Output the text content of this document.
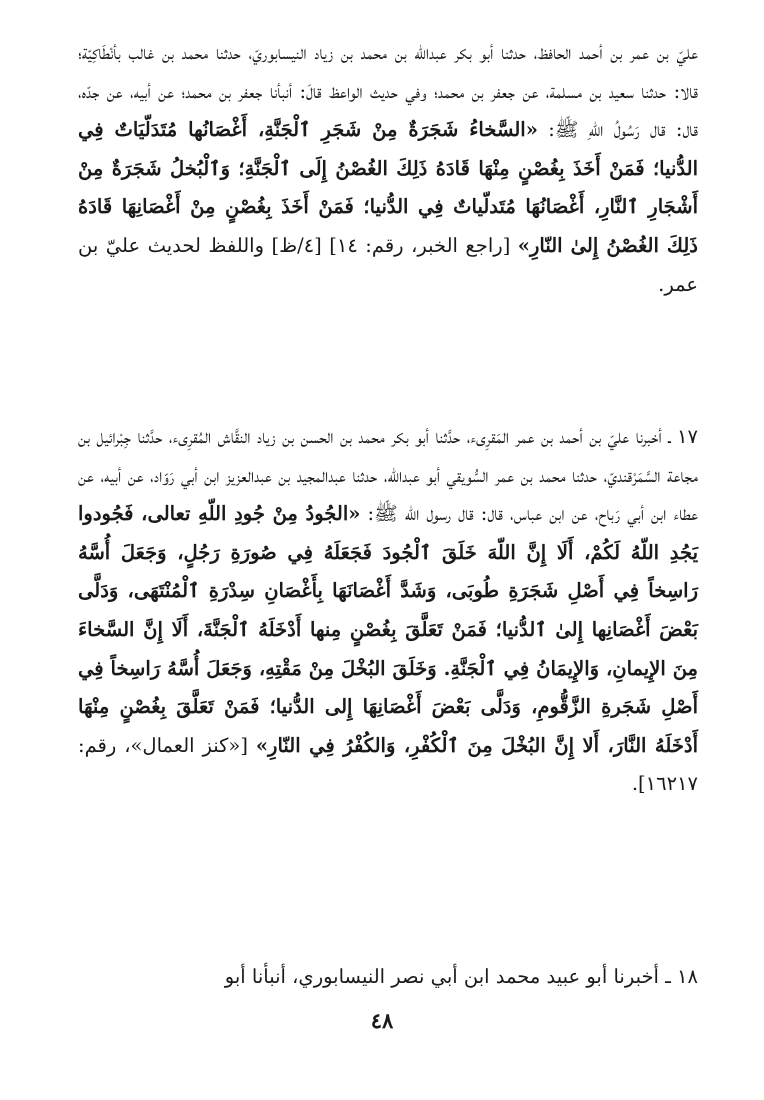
عليّ بن عمر بن أحمد الحافظ، حدثنا أبو بكر عبدالله بن محمد بن زياد النيسابوريّ، حدثنا محمد بن غالب بأنْطَاكِيّة؛ قالا: حدثنا سعيد بن مسلمة، عن جعفر بن محمد؛ وفي حديث الواعظ قالَ: أنبأنا جعفر بن محمد؛ عن أبيه، عن جدّه، قال: قال رَسُولُ اللّهِ ﷺ: «السَّخاءُ شَجَرَةٌ مِنْ شَجَرِ ٱلْجَنَّةِ، أَغْصَانُها مُتَدَلّيَاتٌ فِي الدُّنيا؛ فَمَنْ أَخَذَ بِغُصْنٍ مِنْهَا قَادَهُ ذَلِكَ الغُصْنُ إِلَى ٱلْجَنَّةِ؛ وَٱلْبُخلُ شَجَرَةٌ مِنْ أَشْجَارِ ٱلنَّارِ، أَغْصَانُهَا مُتَدلّياتٌ فِي الدُّنيا؛ فَمَنْ أَخَذَ بِغُصْنٍ مِنْ أَغْصَانِهَا قَادَهُ ذَلِكَ الغُصْنُ إِلىٰ النّارِ» [راجع الخبر، رقم: ١٤] [٤/ظ] واللفظ لحديث عليّ بن عمر.

١٧ ـ أخبرنا عليّ بن أحمد بن عمر المَقرِىء، حدَّثنا أبو بكر محمد بن الحسن بن زياد النقَّاش المُقرِىء، حدَّثنا جِبْرائيل بن مجاعة السَّمَرْقنديّ، حدثنا محمد بن عمر السُّويقي أبو عبدالله، حدثنا عبدالمجيد بن عبدالعزيز ابن أبي رَوّاد، عن أبيه، عن عطاء ابن أبي رَباح، عن ابن عباس، قال: قال رسول الله ﷺ: «الجُودُ مِنْ جُودِ اللّهِ تعالى، فَجُودوا يَجُدِ اللّهُ لَكُمْ، أَلَا إِنَّ اللّهَ خَلَقَ ٱلْجُودَ فَجَعَلَهُ فِي صُورَةِ رَجُلٍ، وَجَعَلَ أُسَّهُ رَاسِخاً فِي أَصْلِ شَجَرَةِ طُوبَى، وَشَدَّ أَغْصَانَهَا بِأَغْصَانِ سِدْرَةِ ٱلْمُنْتَهَى، وَدَلَّى بَعْضَ أَغْصَانِها إِلىٰ ٱلدُّنيا؛ فَمَنْ تَعَلَّقَ بِغُصْنٍ مِنها أَدْخَلَهُ ٱلْجَنَّةَ، أَلَا إِنَّ السَّخاءَ مِنَ الإِيمانِ، وَالإِيمَانُ فِي ٱلْجَنَّةِ. وَخَلَقَ البُخْلَ مِنْ مَقْتِهِ، وَجَعَلَ أُسَّهُ رَاسِخاً فِي أَصْلِ شَجَرةِ الزَّقُّومِ، وَدَلَّى بَعْضَ أَغْصَانِهَا إِلى الدُّنيا؛ فَمَنْ تَعَلَّقَ بِغُصْنٍ مِنْهَا أَدْخَلَهُ النَّارَ، أَلا إِنَّ البُخْلَ مِنَ ٱلْكُفْرِ، وَالكُفْرُ فِي النّارِ» [«كنز العمال»، رقم: ١٦٢١٧].

١٨ ـ أخبرنا أبو عبيد محمد ابن أبي نصر النيسابوري، أنبأنا أبو

٤٨
